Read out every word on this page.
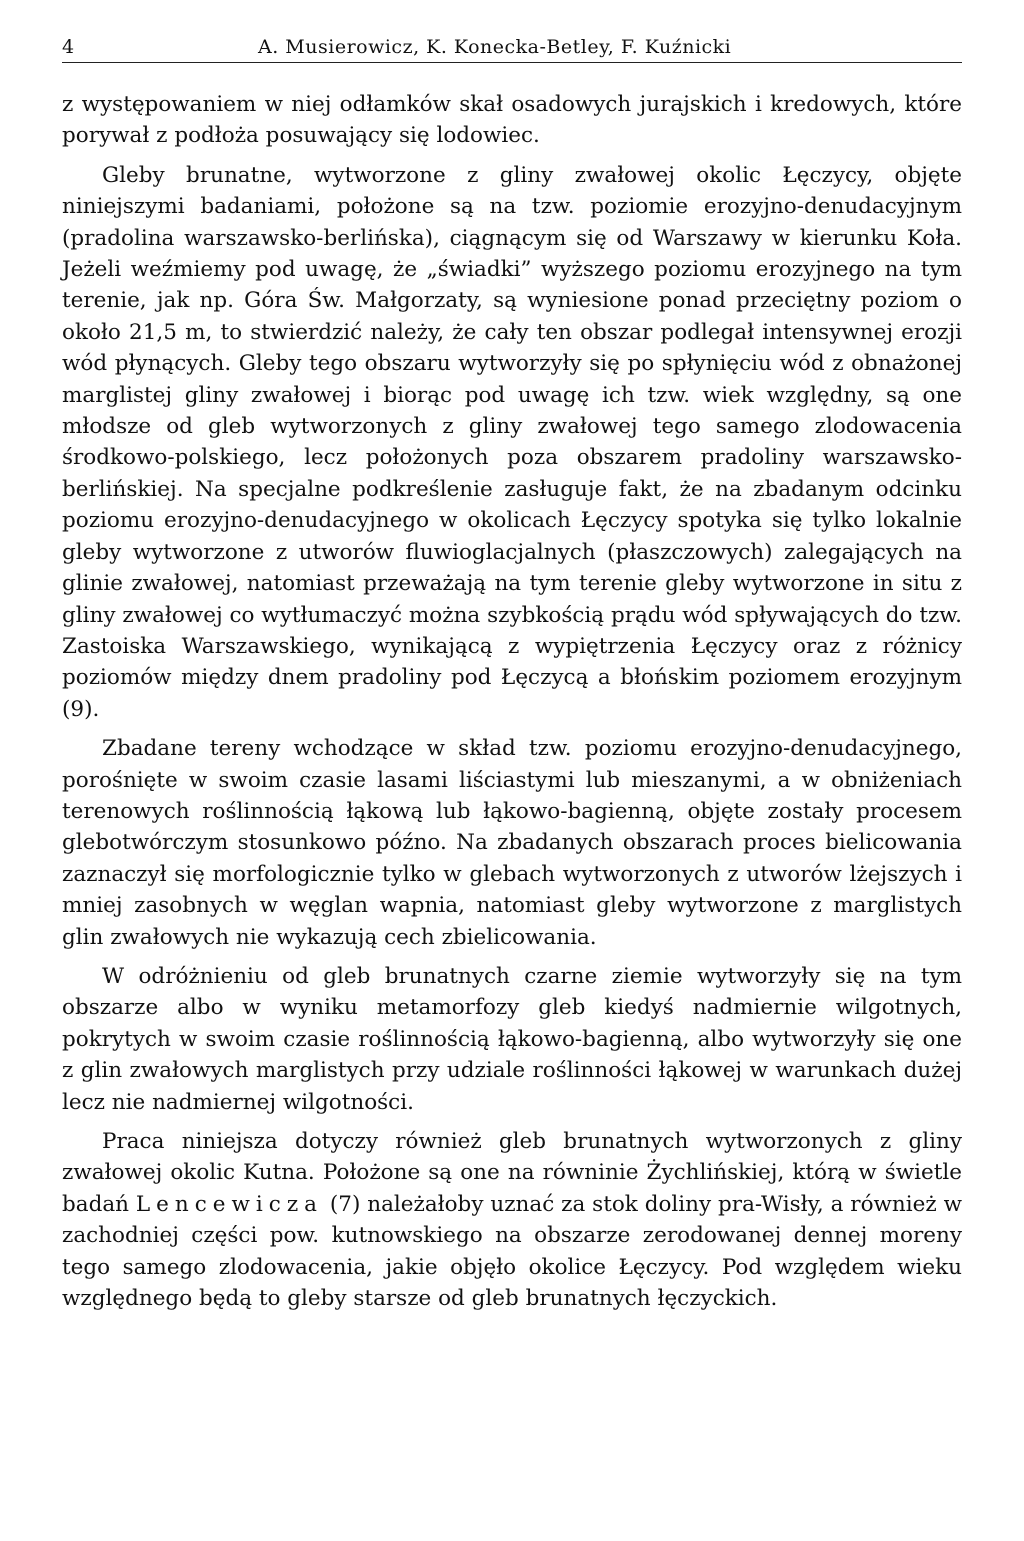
4	A. Musierowicz, K. Konecka-Betley, F. Kuźnicki

z występowaniem w niej odłamków skał osadowych jurajskich i kredowych, które porywał z podłoża posuwający się lodowiec.

Gleby brunatne, wytworzone z gliny zwałowej okolic Łęczycy, objęte niniejszymi badaniami, położone są na tzw. poziomie erozyjno-denudacyjnym (pradolina warszawsko-berlińska), ciągnącym się od Warszawy w kierunku Koła. Jeżeli weźmiemy pod uwagę, że „świadki” wyższego poziomu erozyjnego na tym terenie, jak np. Góra Św. Małgorzaty, są wyniesione ponad przeciętny poziom o około 21,5 m, to stwierdzić należy, że cały ten obszar podlegał intensywnej erozji wód płynących. Gleby tego obszaru wytworzyły się po spłynięciu wód z obnażonej marglistej gliny zwałowej i biorąc pod uwagę ich tzw. wiek względny, są one młodsze od gleb wytworzonych z gliny zwałowej tego samego zlodowacenia środkowo-polskiego, lecz położonych poza obszarem pradoliny warszawsko-berlińskiej. Na specjalne podkreślenie zasługuje fakt, że na zbadanym odcinku poziomu erozyjno-denudacyjnego w okolicach Łęczycy spotyka się tylko lokalnie gleby wytworzone z utworów fluwioglacjalnych (płaszczowych) zalegających na glinie zwałowej, natomiast przeważają na tym terenie gleby wytworzone in situ z gliny zwałowej co wytłumaczyć można szybkością prądu wód spływających do tzw. Zastoiska Warszawskiego, wynikającą z wypiętrzenia Łęczycy oraz z różnicy poziomów między dnem pradoliny pod Łęczycą a błońskim poziomem erozyjnym (9).

Zbadane tereny wchodzące w skład tzw. poziomu erozyjno-denudacyjnego, porośnięte w swoim czasie lasami liściastymi lub mieszanymi, a w obniżeniach terenowych roślinnością łąkową lub łąkowo-bagienną, objęte zostały procesem glebotwórczym stosunkowo późno. Na zbadanych obszarach proces bielicowania zaznaczył się morfologicznie tylko w glebach wytworzonych z utworów lżejszych i mniej zasobnych w węglan wapnia, natomiast gleby wytworzone z marglistych glin zwałowych nie wykazują cech zbielicowania.

W odróżnieniu od gleb brunatnych czarne ziemie wytworzyły się na tym obszarze albo w wyniku metamorfozy gleb kiedyś nadmiernie wilgotnych, pokrytych w swoim czasie roślinnością łąkowo-bagienną, albo wytworzyły się one z glin zwałowych marglistych przy udziale roślinności łąkowej w warunkach dużej lecz nie nadmiernej wilgotności.

Praca niniejsza dotyczy również gleb brunatnych wytworzonych z gliny zwałowej okolic Kutna. Położone są one na równinie Żychlińskiej, którą w świetle badań Lencewicza (7) należałoby uznać za stok doliny pra-Wisły, a również w zachodniej części pow. kutnowskiego na obszarze zerodowanej dennej moreny tego samego zlodowacenia, jakie objęło okolice Łęczycy. Pod względem wieku względnego będą to gleby starsze od gleb brunatnych łęczyckich.
